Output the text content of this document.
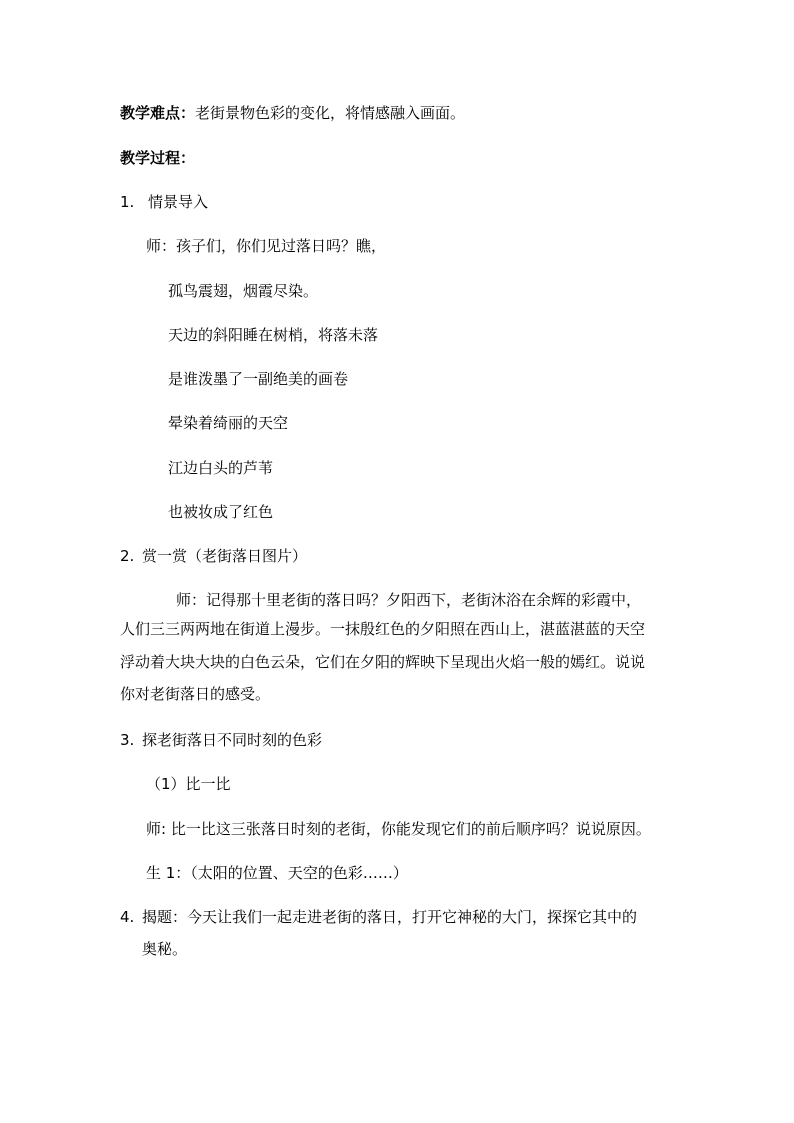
教学难点：老街景物色彩的变化，将情感融入画面。
教学过程：
1. 情景导入
师：孩子们，你们见过落日吗？瞧，
孤鸟震翅，烟霞尽染。
天边的斜阳睡在树梢，将落未落
是谁泼墨了一副绝美的画卷
晕染着绮丽的天空
江边白头的芦苇
也被妆成了红色
2. 赏一赏（老街落日图片）
师：记得那十里老街的落日吗？夕阳西下，老街沐浴在余辉的彩霞中，
人们三三两两地在街道上漫步。一抹殷红色的夕阳照在西山上，湛蓝湛蓝的天空
浮动着大块大块的白色云朵，它们在夕阳的辉映下呈现出火焰一般的嫣红。说说
你对老街落日的感受。
3. 探老街落日不同时刻的色彩
（1）比一比
师: 比一比这三张落日时刻的老街，你能发现它们的前后顺序吗？说说原因。
生 1：（太阳的位置、天空的色彩……）
4. 揭题：今天让我们一起走进老街的落日，打开它神秘的大门，探探它其中的
奥秘。
